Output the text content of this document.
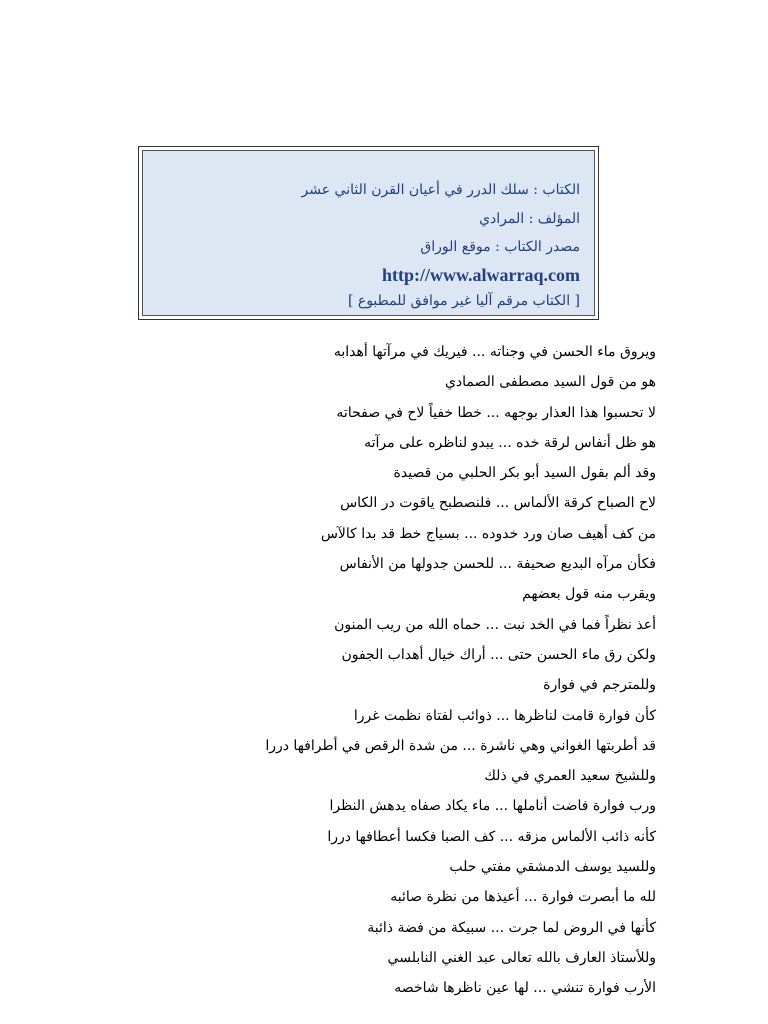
الكتاب : سلك الدرر في أعيان القرن الثاني عشر
المؤلف : المرادي
مصدر الكتاب : موقع الوراق
http://www.alwarraq.com
[ الكتاب مرقم آليا غير موافق للمطبوع ]
ويروق ماء الحسن في وجناته ... فيريك في مرآتها أهدابه
هو من قول السيد مصطفى الصمادي
لا تحسبوا هذا العذار بوجهه ... خطا خفياً لاح في صفحاته
هو ظل أنفاس لرقة خده ... يبدو لناظره على مرآته
وقد ألم بقول السيد أبو بكر الحلبي من قصيدة
لاح الصباح كرقة الألماس ... فلنصطبح ياقوت در الكاس
من كف أهيف صان ورد خدوده ... بسياج خط قد بدا كالآس
فكأن مرآه البديع صحيفة ... للحسن جدولها من الأنفاس
ويقرب منه قول بعضهم
أعذ نظراً فما في الخد نبت ... حماه الله من ريب المنون
ولكن رق ماء الحسن حتى ... أراك خيال أهداب الجفون
وللمترجم في فوارة
كأن فوارة قامت لناظرها ... ذوائب لفتاة نظمت غررا
قد أطربتها الغواني وهي ناشرة ... من شدة الرقص في أطرافها دررا
وللشيخ سعيد العمري في ذلك
ورب فوارة فاضت أناملها ... ماء يكاد صفاه يدهش النظرا
كأنه ذائب الألماس مزقه ... كف الصبا فكسا أعطافها دررا
وللسيد يوسف الدمشقي مفتي حلب
لله ما أبصرت فوارة ... أعيذها من نظرة صائبه
كأنها في الروض لما جرت ... سبيكة من فضة ذائبة
وللأستاذ العارف بالله تعالى عبد الغني النابلسي
الأرب فوارة تنشي ... لها عين ناظرها شاخصه
